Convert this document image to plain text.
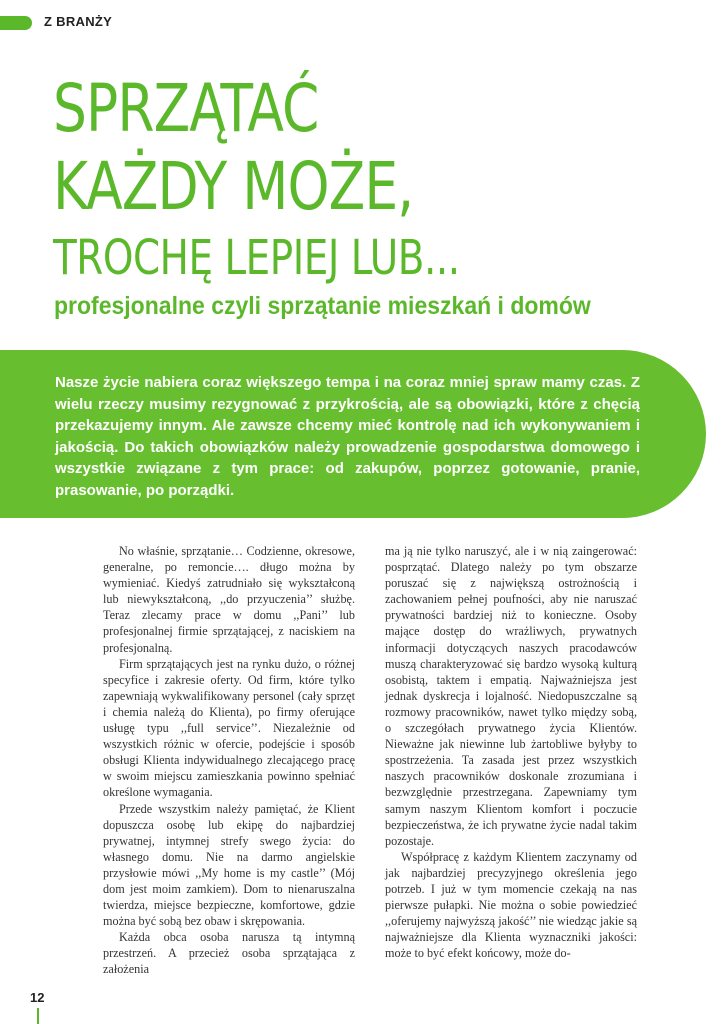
Z BRANŻY
SPRZĄTAĆ
KAŻDY MOŻE,
TROCHĘ LEPIEJ LUB...
profesjonalne czyli sprzątanie mieszkań i domów

Nasze życie nabiera coraz większego tempa i na coraz mniej spraw mamy czas. Z wielu rzeczy musimy rezygnować z przykrością, ale są obowiązki, które z chęcią przekazujemy innym. Ale zawsze chcemy mieć kontrolę nad ich wykonywaniem i jakością. Do takich obowiązków należy prowadzenie gospodarstwa domowego i wszystkie związane z tym prace: od zakupów, poprzez gotowanie, pranie, prasowanie, po porządki.

No właśnie, sprzątanie… Codzienne, okresowe, generalne, po remoncie…. długo można by wymieniać. Kiedyś zatrudniało się wykształconą lub niewykształconą, ,,do przyuczenia’’ służbę. Teraz zlecamy prace w domu ,,Pani’’ lub profesjonalnej firmie sprzątającej, z naciskiem na profesjonalną.

Firm sprzątających jest na rynku dużo, o różnej specyfice i zakresie oferty. Od firm, które tylko zapewniają wykwalifikowany personel (cały sprzęt i chemia należą do Klienta), po firmy oferujące usługę typu ,,full service’’. Niezależnie od wszystkich różnic w ofercie, podejście i sposób obsługi Klienta indywidualnego zlecającego pracę w swoim miejscu zamieszkania powinno spełniać określone wymagania.

Przede wszystkim należy pamiętać, że Klient dopuszcza osobę lub ekipę do najbardziej prywatnej, intymnej strefy swego życia: do własnego domu. Nie na darmo angielskie przysłowie mówi ,,My home is my castle’’ (Mój dom jest moim zamkiem). Dom to nienaruszalna twierdza, miejsce bezpieczne, komfortowe, gdzie można być sobą bez obaw i skrępowania.

Każda obca osoba narusza tą intymną przestrzeń. A przecież osoba sprzątająca z założenia

ma ją nie tylko naruszyć, ale i w nią zaingerować: posprzątać. Dlatego należy po tym obszarze poruszać się z największą ostrożnością i zachowaniem pełnej poufności, aby nie naruszać prywatności bardziej niż to konieczne. Osoby mające dostęp do wrażliwych, prywatnych informacji dotyczących naszych pracodawców muszą charakteryzować się bardzo wysoką kulturą osobistą, taktem i empatią. Najważniejsza jest jednak dyskrecja i lojalność. Niedopuszczalne są rozmowy pracowników, nawet tylko między sobą, o szczegółach prywatnego życia Klientów. Nieważne jak niewinne lub żartobliwe byłyby to spostrzeżenia. Ta zasada jest przez wszystkich naszych pracowników doskonale zrozumiana i bezwzględnie przestrzegana. Zapewniamy tym samym naszym Klientom komfort i poczucie bezpieczeństwa, że ich prywatne życie nadal takim pozostaje.

Współpracę z każdym Klientem zaczynamy od jak najbardziej precyzyjnego określenia jego potrzeb. I już w tym momencie czekają na nas pierwsze pułapki. Nie można o sobie powiedzieć ,,oferujemy najwyższą jakość’’ nie wiedząc jakie są najważniejsze dla Klienta wyznaczniki jakości: może to być efekt końcowy, może do-

12
